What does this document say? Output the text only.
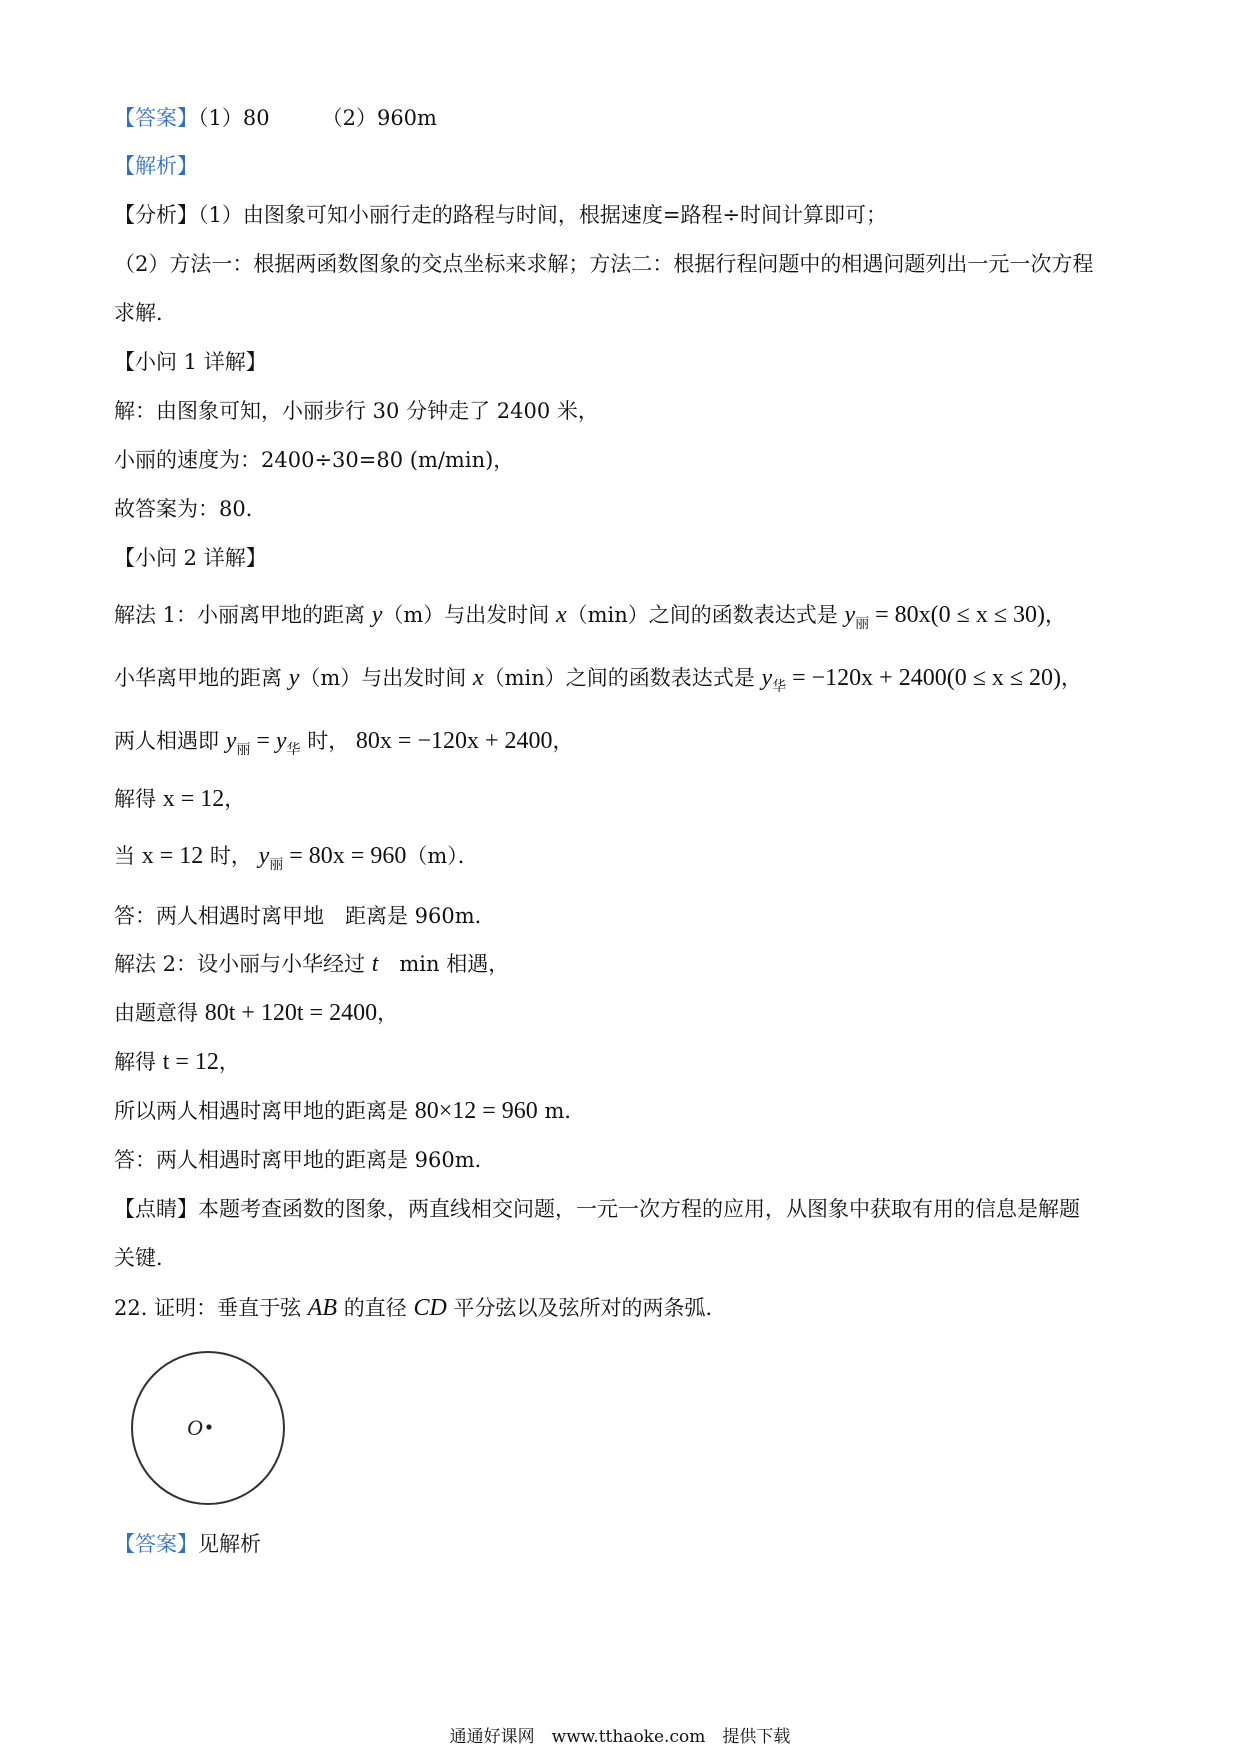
【答案】（1）80 （2）960m
【解析】
【分析】（1）由图象可知小丽行走的路程与时间，根据速度=路程÷时间计算即可；
（2）方法一：根据两函数图象的交点坐标来求解；方法二：根据行程问题中的相遇问题列出一元一次方程
求解．
【小问 1 详解】
解：由图象可知，小丽步行 30 分钟走了 2400 米，
小丽的速度为：2400÷30=80 (m/min)，
故答案为：80．
【小问 2 详解】
解法 1：小丽离甲地的距离 y（m）与出发时间 x（min）之间的函数表达式是 $y_丽 = 80x(0 \le x \le 30)$，
小华离甲地的距离 y（m）与出发时间 x（min）之间的函数表达式是 $y_华 = -120x + 2400(0 \le x \le 20)$，
两人相遇即 $y_丽 = y_华$ 时， 80x = −120x + 2400，
解得 x = 12，
当 x = 12 时， $y_丽 = 80x = 960(m)$．
答：两人相遇时离甲地　距离是 960m．
解法 2：设小丽与小华经过 t　min 相遇，
由题意得 80t + 120t = 2400，
解得 t = 12，
所以两人相遇时离甲地的距离是 80×12 = 960 m．
答：两人相遇时离甲地的距离是 960m．
【点睛】本题考查函数的图象，两直线相交问题，一元一次方程的应用，从图象中获取有用的信息是解题
关键．
22. 证明：垂直于弦 AB 的直径 CD 平分弦以及弦所对的两条弧．
O
【答案】见解析
通通好课网　www.tthaoke.com　提供下载
